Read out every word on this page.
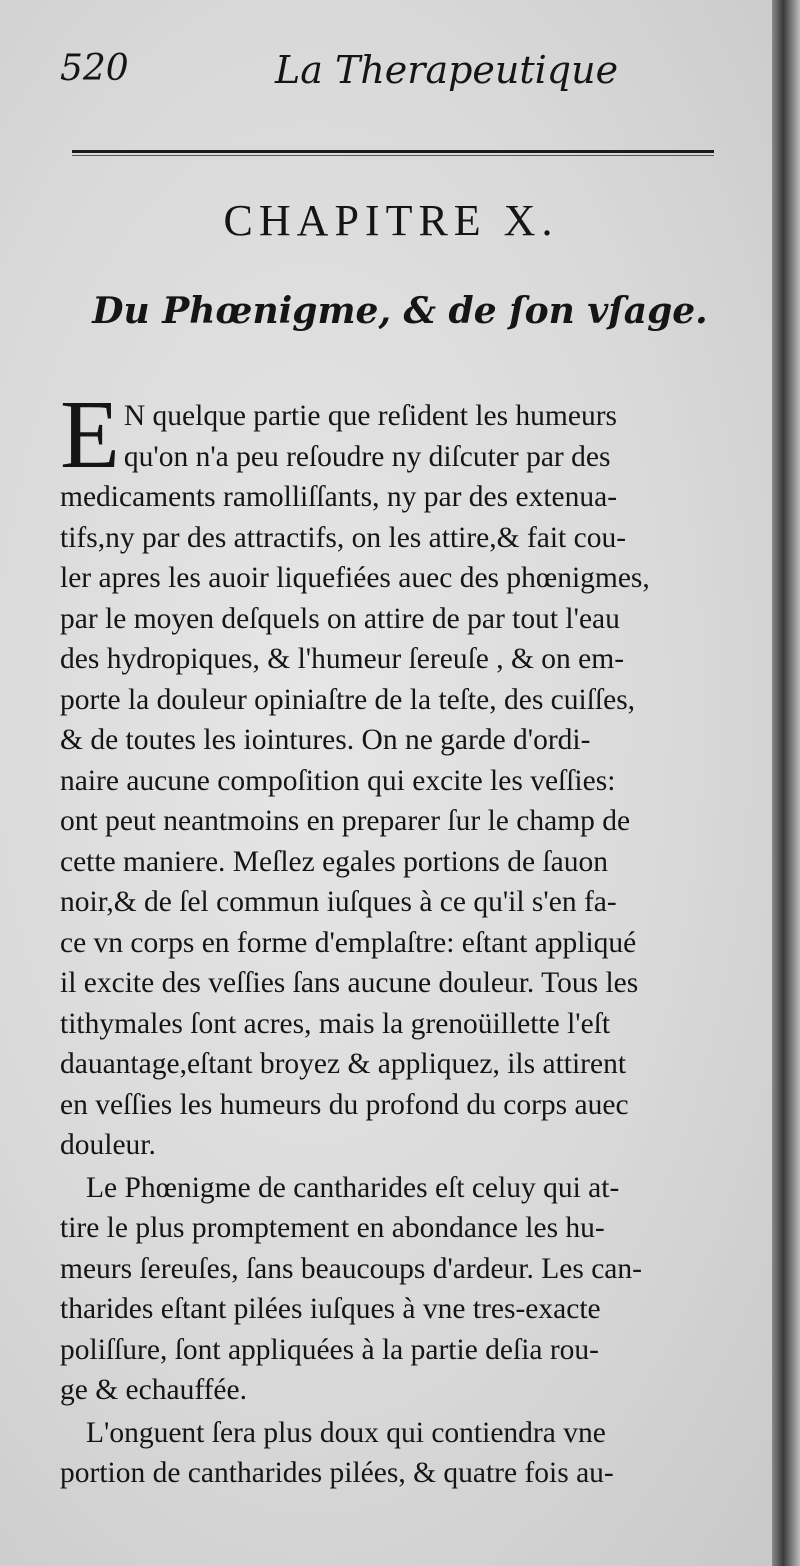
520	La Therapeutique
CHAPITRE X.
Du Phœnigme, & de ſon vſage.
E N quelque partie que reſident les humeurs
qu'on n'a peu reſoudre ny diſcuter par des
medicaments ramolliſſants, ny par des extenua-
tifs,ny par des attractifs, on les attire,& fait cou-
ler apres les auoir liquefiées auec des phœnigmes,
par le moyen deſquels on attire de par tout l'eau
des hydropiques, & l'humeur ſereuſe , & on em-
porte la douleur opiniaſtre de la teſte, des cuiſſes,
& de toutes les iointures. On ne garde d'ordi-
naire aucune compoſition qui excite les veſſies:
ont peut neantmoins en preparer ſur le champ de
cette maniere. Meſlez egales portions de ſauon
noir,& de ſel commun iuſques à ce qu'il s'en fa-
ce vn corps en forme d'emplaſtre: eſtant appliqué
il excite des veſſies ſans aucune douleur. Tous les
tithymales ſont acres, mais la grenoüillette l'eſt
dauantage,eſtant broyez & appliquez, ils attirent
en veſſies les humeurs du profond du corps auec
douleur.
Le Phœnigme de cantharides eſt celuy qui at-
tire le plus promptement en abondance les hu-
meurs ſereuſes, ſans beaucoups d'ardeur. Les can-
tharides eſtant pilées iuſques à vne tres-exacte
poliſſure, ſont appliquées à la partie deſia rou-
ge & echauffée.
L'onguent ſera plus doux qui contiendra vne
portion de cantharides pilées, & quatre fois au-
